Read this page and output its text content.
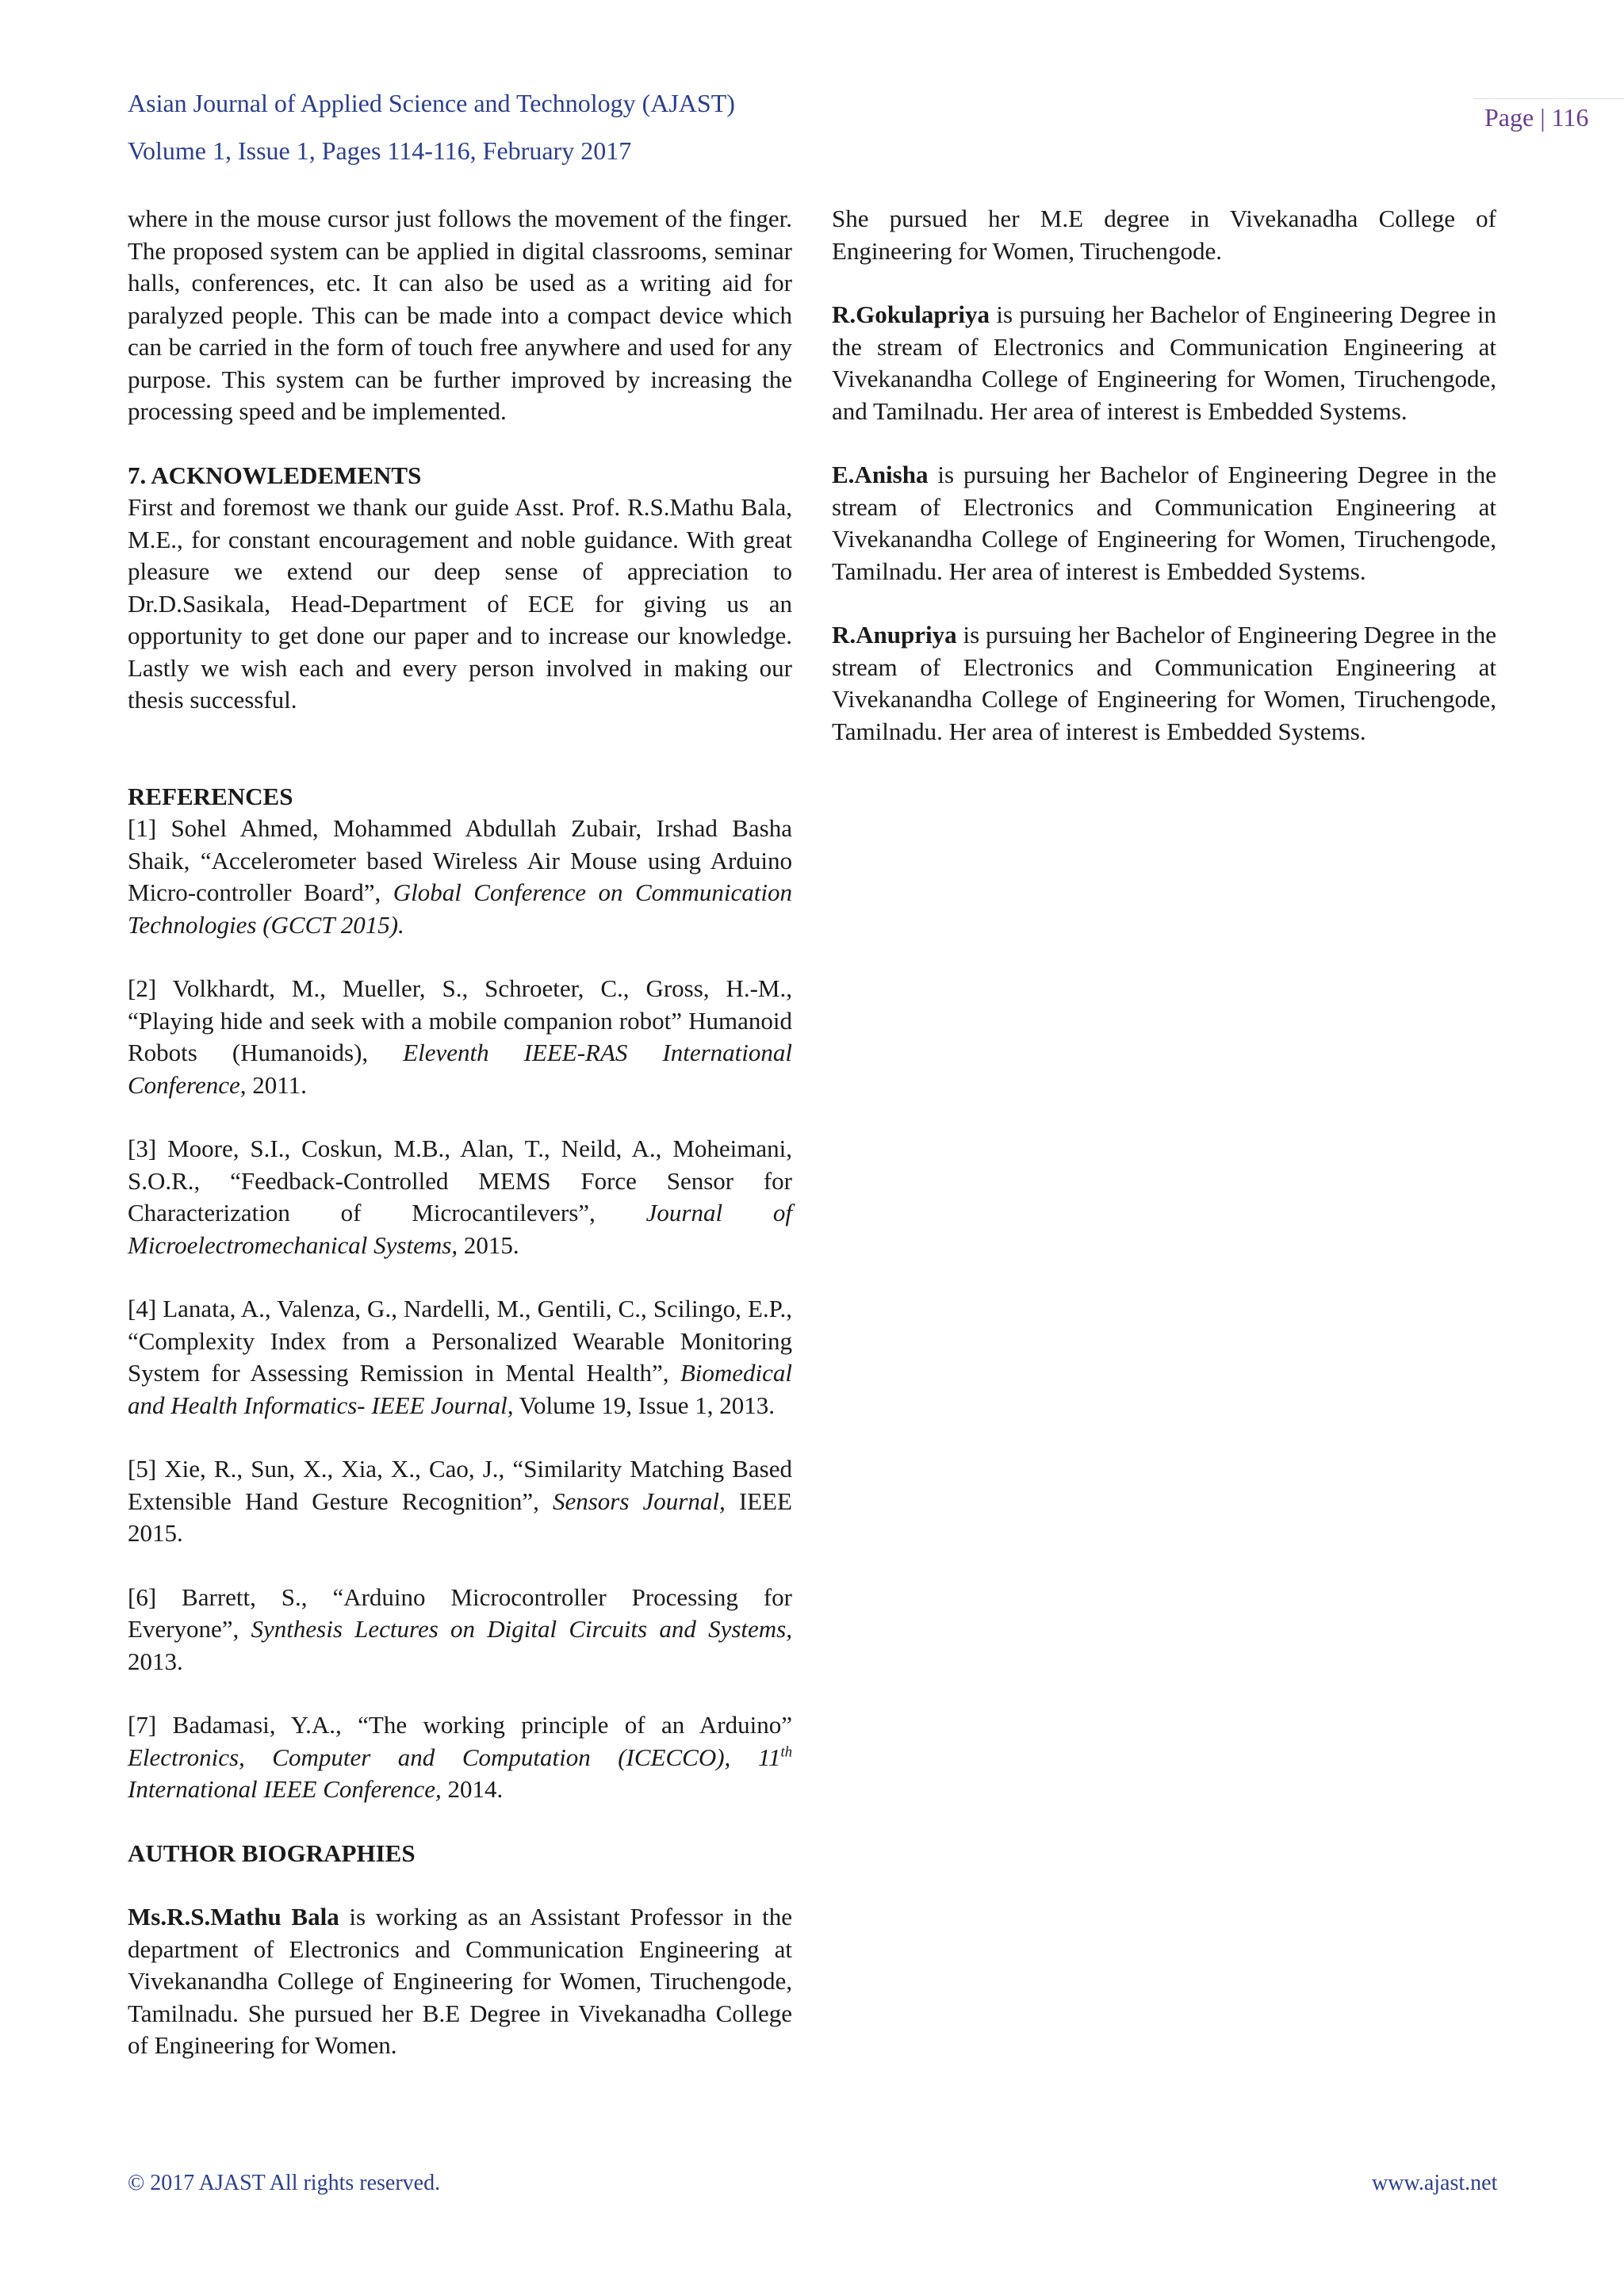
Asian Journal of Applied Science and Technology (AJAST)
Volume 1, Issue 1, Pages 114-116, February 2017
Page | 116

where in the mouse cursor just follows the movement of the finger. The proposed system can be applied in digital classrooms, seminar halls, conferences, etc. It can also be used as a writing aid for paralyzed people. This can be made into a compact device which can be carried in the form of touch free anywhere and used for any purpose. This system can be further improved by increasing the processing speed and be implemented.

7. ACKNOWLEDEMENTS

First and foremost we thank our guide Asst. Prof. R.S.Mathu Bala, M.E., for constant encouragement and noble guidance. With great pleasure we extend our deep sense of appreciation to Dr.D.Sasikala, Head-Department of ECE for giving us an opportunity to get done our paper and to increase our knowledge. Lastly we wish each and every person involved in making our thesis successful.

REFERENCES

[1] Sohel Ahmed, Mohammed Abdullah Zubair, Irshad Basha Shaik, “Accelerometer based Wireless Air Mouse using Arduino Micro-controller Board”, Global Conference on Communication Technologies (GCCT 2015).

[2] Volkhardt, M., Mueller, S., Schroeter, C., Gross, H.-M., “Playing hide and seek with a mobile companion robot” Humanoid Robots (Humanoids), Eleventh IEEE-RAS International Conference, 2011.

[3] Moore, S.I., Coskun, M.B., Alan, T., Neild, A., Moheimani, S.O.R., “Feedback-Controlled MEMS Force Sensor for Characterization of Microcantilevers”, Journal of Microelectromechanical Systems, 2015.

[4] Lanata, A., Valenza, G., Nardelli, M., Gentili, C., Scilingo, E.P., “Complexity Index from a Personalized Wearable Monitoring System for Assessing Remission in Mental Health”, Biomedical and Health Informatics- IEEE Journal, Volume 19, Issue 1, 2013.

[5] Xie, R., Sun, X., Xia, X., Cao, J., “Similarity Matching Based Extensible Hand Gesture Recognition”, Sensors Journal, IEEE 2015.

[6] Barrett, S., “Arduino Microcontroller Processing for Everyone”, Synthesis Lectures on Digital Circuits and Systems, 2013.

[7] Badamasi, Y.A., “The working principle of an Arduino” Electronics, Computer and Computation (ICECCO), 11th International IEEE Conference, 2014.

AUTHOR BIOGRAPHIES

Ms.R.S.Mathu Bala is working as an Assistant Professor in the department of Electronics and Communication Engineering at Vivekanandha College of Engineering for Women, Tiruchengode, Tamilnadu. She pursued her B.E Degree in Vivekanadha College of Engineering for Women.

She pursued her M.E degree in Vivekanadha College of Engineering for Women, Tiruchengode.

R.Gokulapriya is pursuing her Bachelor of Engineering Degree in the stream of Electronics and Communication Engineering at Vivekanandha College of Engineering for Women, Tiruchengode, and Tamilnadu. Her area of interest is Embedded Systems.

E.Anisha is pursuing her Bachelor of Engineering Degree in the stream of Electronics and Communication Engineering at Vivekanandha College of Engineering for Women, Tiruchengode, Tamilnadu. Her area of interest is Embedded Systems.

R.Anupriya is pursuing her Bachelor of Engineering Degree in the stream of Electronics and Communication Engineering at Vivekanandha College of Engineering for Women, Tiruchengode, Tamilnadu. Her area of interest is Embedded Systems.

© 2017 AJAST All rights reserved.	www.ajast.net
